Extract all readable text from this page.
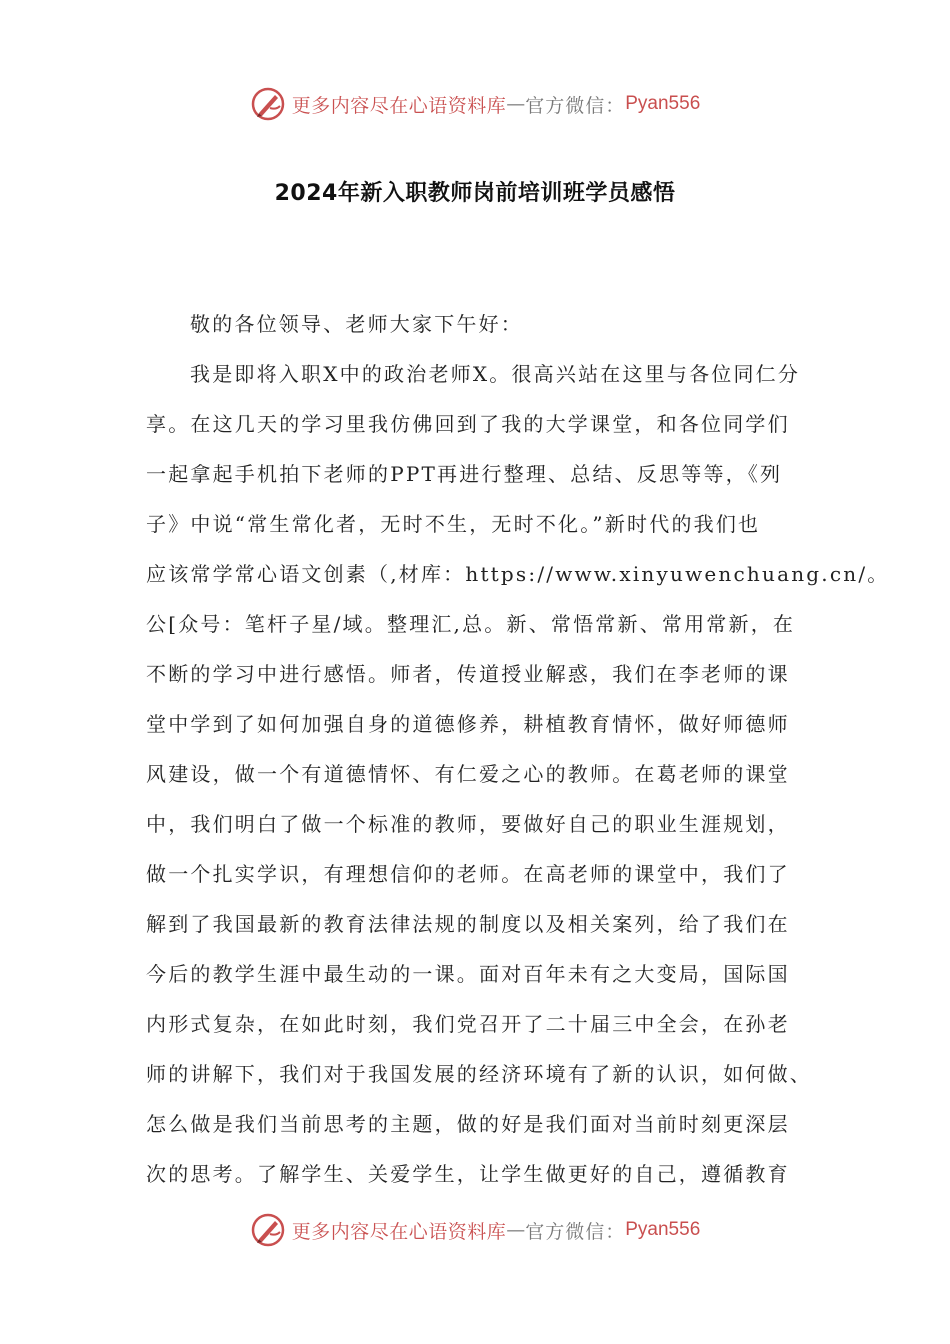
更多内容尽在心语资料库 — 官方微信： Pyan556
2024年新入职教师岗前培训班学员感悟
敬的各位领导、老师大家下午好：
我是即将入职X中的政治老师X。很高兴站在这里与各位同仁分
享。在这几天的学习里我仿佛回到了我的大学课堂，和各位同学们
一起拿起手机拍下老师的PPT再进行整理、总结、反思等等，《列
子》中说“常生常化者，无时不生，无时不化。”新时代的我们也
应该常学常心语文创素（,材库：https://www.xinyuwenchuang.cn/。
公[众号：笔杆子星/域。整理汇,总。新、常悟常新、常用常新，在
不断的学习中进行感悟。师者，传道授业解惑，我们在李老师的课
堂中学到了如何加强自身的道德修养，耕植教育情怀，做好师德师
风建设，做一个有道德情怀、有仁爱之心的教师。在葛老师的课堂
中，我们明白了做一个标准的教师，要做好自己的职业生涯规划，
做一个扎实学识，有理想信仰的老师。在高老师的课堂中，我们了
解到了我国最新的教育法律法规的制度以及相关案列，给了我们在
今后的教学生涯中最生动的一课。面对百年未有之大变局，国际国
内形式复杂，在如此时刻，我们党召开了二十届三中全会，在孙老
师的讲解下，我们对于我国发展的经济环境有了新的认识，如何做、
怎么做是我们当前思考的主题，做的好是我们面对当前时刻更深层
次的思考。了解学生、关爱学生，让学生做更好的自己，遵循教育
更多内容尽在心语资料库 — 官方微信： Pyan556
